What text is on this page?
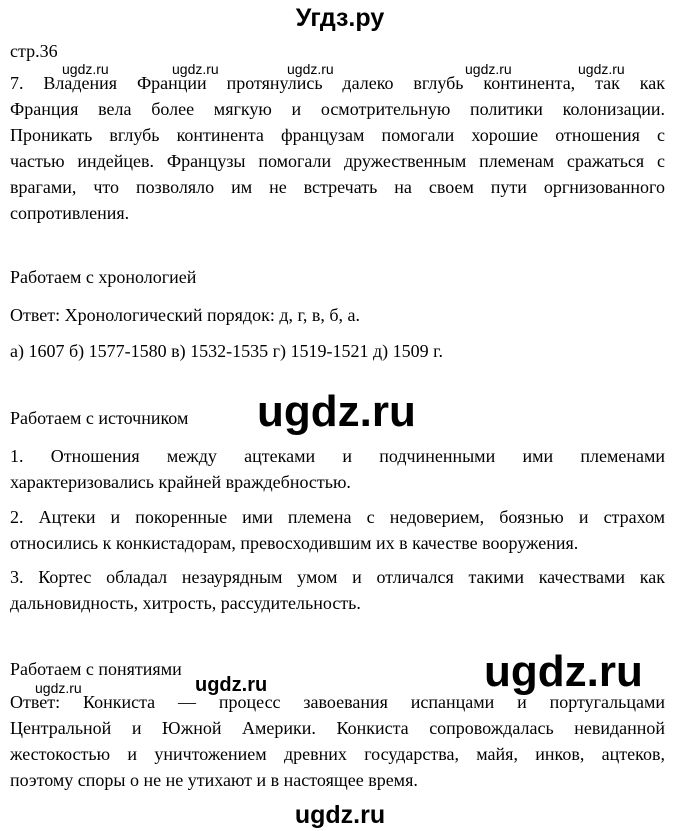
Угдз.ру
стр.36
ugdz.ru	ugdz.ru	ugdz.ru	ugdz.ru	ugdz.ru
7. Владения Франции протянулись далеко вглубь континента, так как
Франция вела более мягкую и осмотрительную политики колонизации.
Проникать вглубь континента французам помогали хорошие отношения с
частью индейцев. Французы помогали дружественным племенам сражаться с
врагами, что позволяло им не встречать на своем пути оргнизованного
сопротивления.
Работаем с хронологией
Ответ: Хронологический порядок: д, г, в, б, а.
а) 1607 б) 1577-1580 в) 1532-1535 г) 1519-1521 д) 1509 г.
Работаем с источником ugdz.ru
1. Отношения между ацтеками и подчиненными ими племенами
характеризовались крайней враждебностью.
2. Ацтеки и покоренные ими племена с недоверием, боязнью и страхом
относились к конкистадорам, превосходившим их в качестве вооружения.
3. Кортес обладал незаурядным умом и отличался такими качествами как
дальновидность, хитрость, рассудительность.
Работаем с понятиями	ugdz.ru
ugdz.ru	ugdz.ru
Ответ: Конкиста — процесс завоевания испанцами и португальцами
Центральной и Южной Америки. Конкиста сопровождалась невиданной
жестокостью и уничтожением древних государства, майя, инков, ацтеков,
поэтому споры о не не утихают и в настоящее время.
ugdz.ru
